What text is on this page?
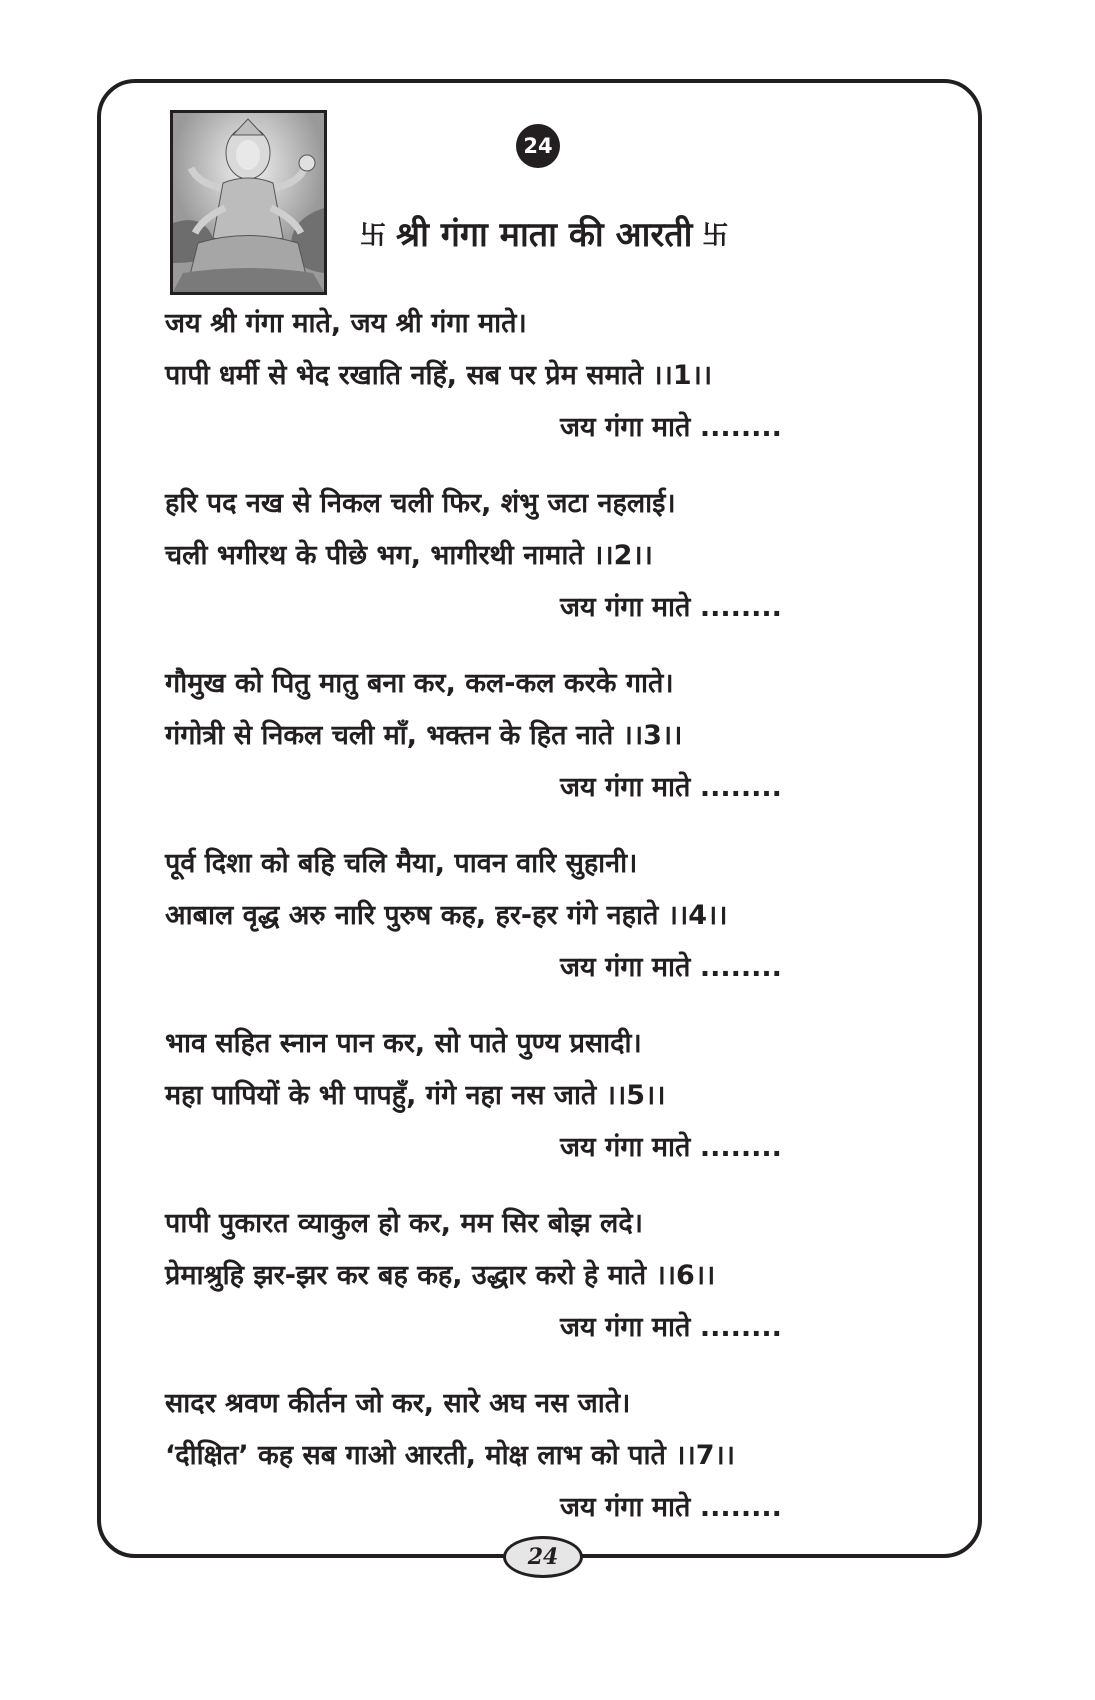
24
卐 श्री गंगा माता की आरती 卐
जय श्री गंगा माते, जय श्री गंगा माते।
पापी धर्मी से भेद रखाति नहिं, सब पर प्रेम समाते ।।1।।
जय गंगा माते ........
हरि पद नख से निकल चली फिर, शंभु जटा नहलाई।
चली भगीरथ के पीछे भग, भागीरथी नामाते ।।2।।
जय गंगा माते ........
गौमुख को पितु मातु बना कर, कल-कल करके गाते।
गंगोत्री से निकल चली माँ, भक्तन के हित नाते ।।3।।
जय गंगा माते ........
पूर्व दिशा को बहि चलि मैया, पावन वारि सुहानी।
आबाल वृद्ध अरु नारि पुरुष कह, हर-हर गंगे नहाते ।।4।।
जय गंगा माते ........
भाव सहित स्नान पान कर, सो पाते पुण्य प्रसादी।
महा पापियों के भी पापहुँ, गंगे नहा नस जाते ।।5।।
जय गंगा माते ........
पापी पुकारत व्याकुल हो कर, मम सिर बोझ लदे।
प्रेमाश्रुहि झर-झर कर बह कह, उद्धार करो हे माते ।।6।।
जय गंगा माते ........
सादर श्रवण कीर्तन जो कर, सारे अघ नस जाते।
‘दीक्षित’ कह सब गाओ आरती, मोक्ष लाभ को पाते ।।7।।
जय गंगा माते ........
24
